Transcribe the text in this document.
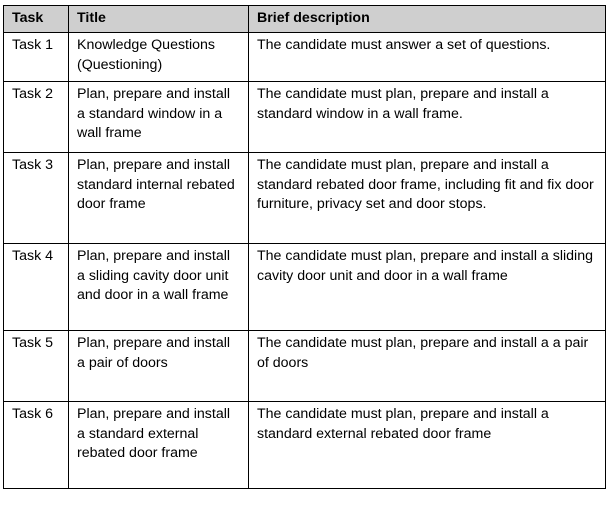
Task	Title	Brief description
Task 1	Knowledge Questions (Questioning)	The candidate must answer a set of questions.
Task 2	Plan, prepare and install a standard window in a wall frame	The candidate must plan, prepare and install a standard window in a wall frame.
Task 3	Plan, prepare and install standard internal rebated door frame	The candidate must plan, prepare and install a standard rebated door frame, including fit and fix door furniture, privacy set and door stops.
Task 4	Plan, prepare and install a sliding cavity door unit and door in a wall frame	The candidate must plan, prepare and install a sliding cavity door unit and door in a wall frame
Task 5	Plan, prepare and install a pair of doors	The candidate must plan, prepare and install a a pair of doors
Task 6	Plan, prepare and install a standard external rebated door frame	The candidate must plan, prepare and install a standard external rebated door frame
